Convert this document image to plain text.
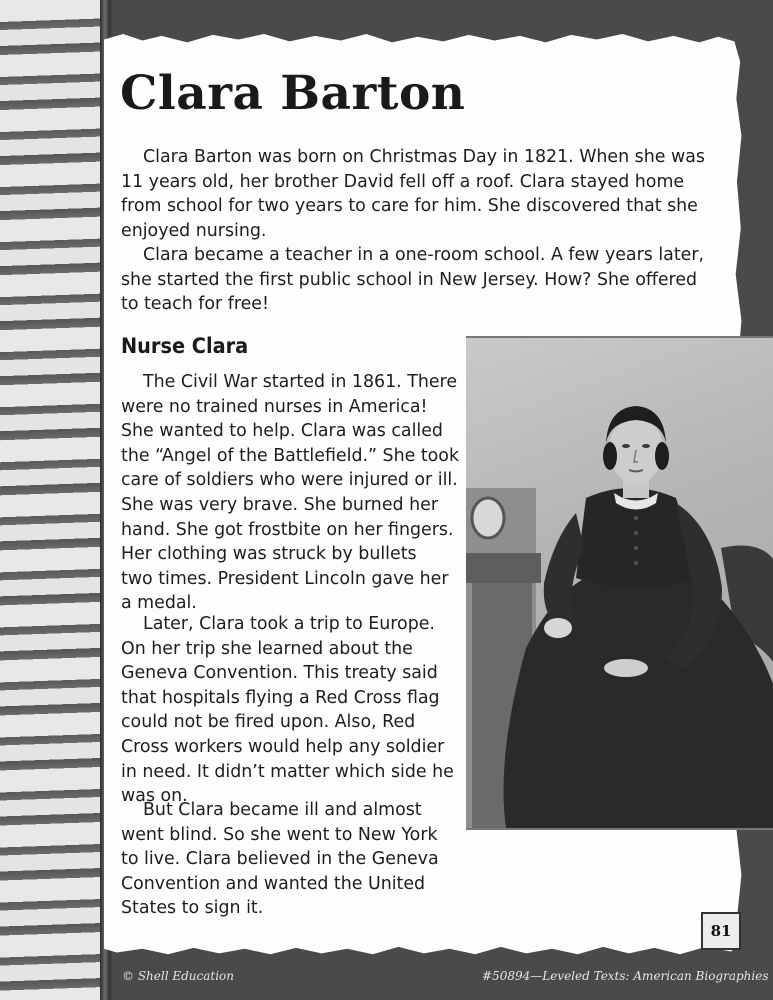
Clara Barton
Clara Barton was born on Christmas Day in 1821. When she was
11 years old, her brother David fell off a roof. Clara stayed home
from school for two years to care for him. She discovered that she
enjoyed nursing.
Clara became a teacher in a one-room school. A few years later,
she started the first public school in New Jersey. How? She offered
to teach for free!
Nurse Clara
The Civil War started in 1861. There
were no trained nurses in America!
She wanted to help. Clara was called
the “Angel of the Battlefield.” She took
care of soldiers who were injured or ill.
She was very brave. She burned her
hand. She got frostbite on her fingers.
Her clothing was struck by bullets
two times. President Lincoln gave her
a medal.
Later, Clara took a trip to Europe.
On her trip she learned about the
Geneva Convention. This treaty said
that hospitals flying a Red Cross flag
could not be fired upon. Also, Red
Cross workers would help any soldier
in need. It didn’t matter which side he
was on.
But Clara became ill and almost
went blind. So she went to New York
to live. Clara believed in the Geneva
Convention and wanted the United
States to sign it.
81

© Shell Education	#50894—Leveled Texts: American Biographies
